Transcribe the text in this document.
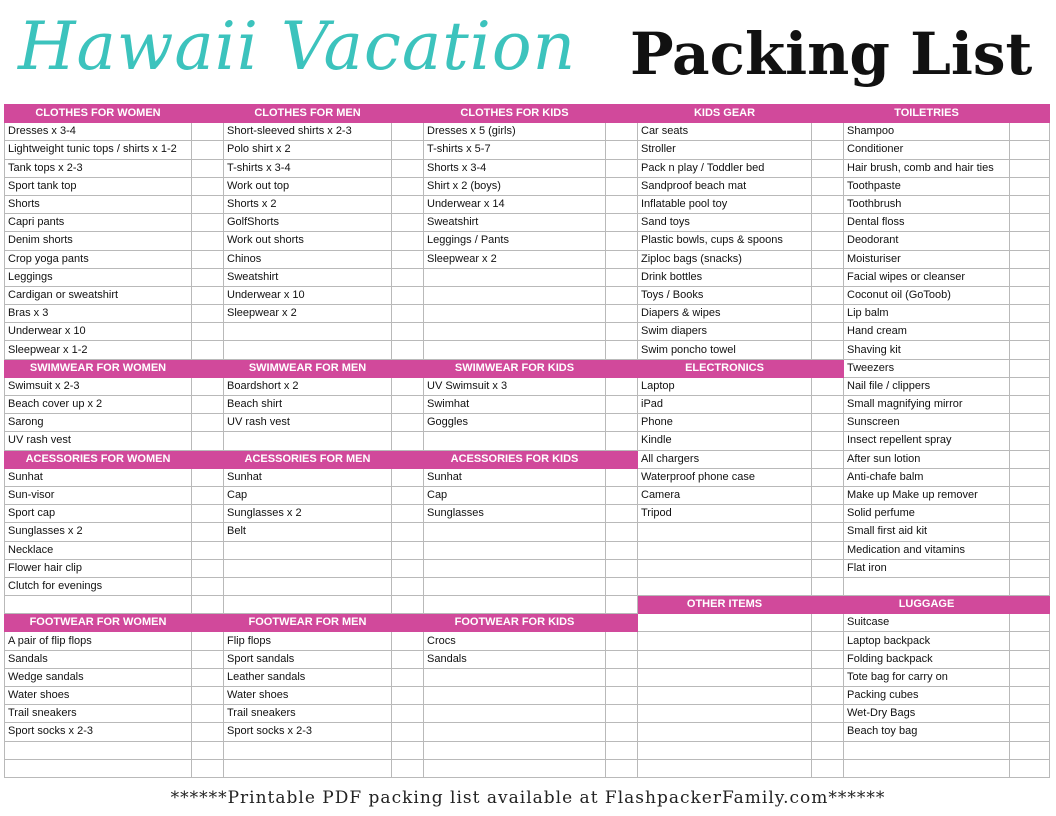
Hawaii Vacation Packing List
CLOTHES FOR WOMEN		CLOTHES FOR MEN		CLOTHES FOR KIDS		KIDS GEAR		TOILETRIES	
Dresses x 3-4		Short-sleeved shirts x 2-3		Dresses x 5 (girls)		Car seats		Shampoo	
Lightweight tunic tops / shirts x 1-2		Polo shirt x 2		T-shirts x 5-7		Stroller		Conditioner	
Tank tops x 2-3		T-shirts x 3-4		Shorts x 3-4		Pack n play / Toddler bed		Hair brush, comb and hair ties	
Sport tank top		Work out top		Shirt x 2 (boys)		Sandproof beach mat		Toothpaste	
Shorts		Shorts x 2		Underwear x 14		Inflatable pool toy		Toothbrush	
Capri pants		GolfShorts		Sweatshirt		Sand toys		Dental floss	
Denim shorts		Work out shorts		Leggings / Pants		Plastic bowls, cups & spoons		Deodorant	
Crop yoga pants		Chinos		Sleepwear x 2		Ziploc bags (snacks)		Moisturiser	
Leggings		Sweatshirt				Drink bottles		Facial wipes or cleanser	
Cardigan or sweatshirt		Underwear x 10				Toys / Books		Coconut oil (GoToob)	
Bras x 3		Sleepwear x 2				Diapers & wipes		Lip balm	
Underwear x 10						Swim diapers		Hand cream	
Sleepwear x 1-2						Swim poncho towel		Shaving kit	
SWIMWEAR FOR WOMEN		SWIMWEAR FOR MEN		SWIMWEAR FOR KIDS		ELECTRONICS		Tweezers	
Swimsuit x 2-3		Boardshort x 2		UV Swimsuit x 3		Laptop		Nail file / clippers	
Beach cover up x 2		Beach shirt		Swimhat		iPad		Small magnifying mirror	
Sarong		UV rash vest		Goggles		Phone		Sunscreen	
UV rash vest						Kindle		Insect repellent spray	
ACESSORIES FOR WOMEN		ACESSORIES FOR MEN		ACESSORIES FOR KIDS		All chargers		After sun lotion	
Sunhat		Sunhat		Sunhat		Waterproof phone case		Anti-chafe balm	
Sun-visor		Cap		Cap		Camera		Make up Make up remover	
Sport cap		Sunglasses x 2		Sunglasses		Tripod		Solid perfume	
Sunglasses x 2		Belt						Small first aid kit	
Necklace								Medication and vitamins	
Flower hair clip								Flat iron	
Clutch for evenings									
						OTHER ITEMS		LUGGAGE	
FOOTWEAR FOR WOMEN		FOOTWEAR FOR MEN		FOOTWEAR FOR KIDS				Suitcase	
A pair of flip flops		Flip flops		Crocs				Laptop backpack	
Sandals		Sport sandals		Sandals				Folding backpack	
Wedge sandals		Leather sandals						Tote bag for carry on	
Water shoes		Water shoes						Packing cubes	
Trail sneakers		Trail sneakers						Wet-Dry Bags	
Sport socks x 2-3		Sport socks x 2-3						Beach toy bag	

******Printable PDF packing list available at FlashpackerFamily.com******
